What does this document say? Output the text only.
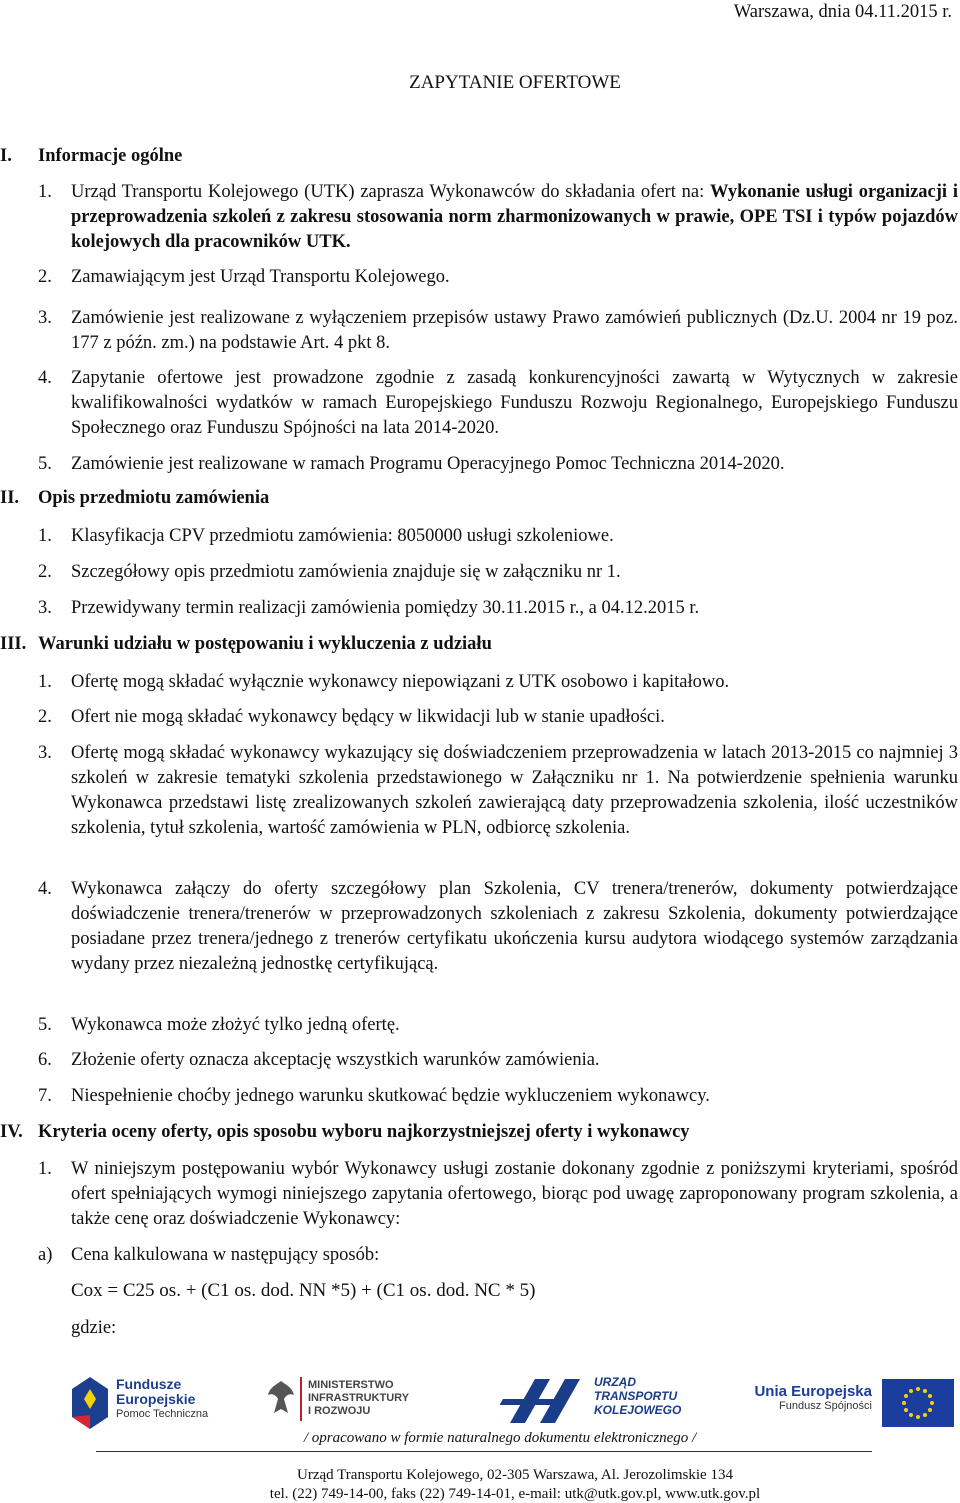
Warszawa, dnia 04.11.2015 r.
ZAPYTANIE OFERTOWE
I. Informacje ogólne
1. Urząd Transportu Kolejowego (UTK) zaprasza Wykonawców do składania ofert na: Wykonanie usługi organizacji i przeprowadzenia szkoleń z zakresu stosowania norm zharmonizowanych w prawie, OPE TSI i typów pojazdów kolejowych dla pracowników UTK.
2. Zamawiającym jest Urząd Transportu Kolejowego.
3. Zamówienie jest realizowane z wyłączeniem przepisów ustawy Prawo zamówień publicznych (Dz.U. 2004 nr 19 poz. 177 z późn. zm.) na podstawie Art. 4 pkt 8.
4. Zapytanie ofertowe jest prowadzone zgodnie z zasadą konkurencyjności zawartą w Wytycznych w zakresie kwalifikowalności wydatków w ramach Europejskiego Funduszu Rozwoju Regionalnego, Europejskiego Funduszu Społecznego oraz Funduszu Spójności na lata 2014-2020.
5. Zamówienie jest realizowane w ramach Programu Operacyjnego Pomoc Techniczna 2014-2020.
II. Opis przedmiotu zamówienia
1. Klasyfikacja CPV przedmiotu zamówienia: 8050000 usługi szkoleniowe.
2. Szczegółowy opis przedmiotu zamówienia znajduje się w załączniku nr 1.
3. Przewidywany termin realizacji zamówienia pomiędzy 30.11.2015 r., a 04.12.2015 r.
III. Warunki udziału w postępowaniu i wykluczenia z udziału
1. Ofertę mogą składać wyłącznie wykonawcy niepowiązani z UTK osobowo i kapitałowo.
2. Ofert nie mogą składać wykonawcy będący w likwidacji lub w stanie upadłości.
3. Ofertę mogą składać wykonawcy wykazujący się doświadczeniem przeprowadzenia w latach 2013-2015 co najmniej 3 szkoleń w zakresie tematyki szkolenia przedstawionego w Załączniku nr 1. Na potwierdzenie spełnienia warunku Wykonawca przedstawi listę zrealizowanych szkoleń zawierającą daty przeprowadzenia szkolenia, ilość uczestników szkolenia, tytuł szkolenia, wartość zamówienia w PLN, odbiorcę szkolenia.
4. Wykonawca załączy do oferty szczegółowy plan Szkolenia, CV trenera/trenerów, dokumenty potwierdzające doświadczenie trenera/trenerów w przeprowadzonych szkoleniach z zakresu Szkolenia, dokumenty potwierdzające posiadane przez trenera/jednego z trenerów certyfikatu ukończenia kursu audytora wiodącego systemów zarządzania wydany przez niezależną jednostkę certyfikującą.
5. Wykonawca może złożyć tylko jedną ofertę.
6. Złożenie oferty oznacza akceptację wszystkich warunków zamówienia.
7. Niespełnienie choćby jednego warunku skutkować będzie wykluczeniem wykonawcy.
IV. Kryteria oceny oferty, opis sposobu wyboru najkorzystniejszej oferty i wykonawcy
1. W niniejszym postępowaniu wybór Wykonawcy usługi zostanie dokonany zgodnie z poniższymi kryteriami, spośród ofert spełniających wymogi niniejszego zapytania ofertowego, biorąc pod uwagę zaproponowany program szkolenia, a także cenę oraz doświadczenie Wykonawcy:
a) Cena kalkulowana w następujący sposób:
Cox = C25 os. + (C1 os. dod. NN *5) + (C1 os. dod. NC * 5)
gdzie:
Fundusze
Europejskie
Pomoc Techniczna
MINISTERSTWO
INFRASTRUKTURY
I ROZWOJU
URZĄD
TRANSPORTU
KOLEJOWEGO
Unia Europejska
Fundusz Spójności
/ opracowano w formie naturalnego dokumentu elektronicznego /
Urząd Transportu Kolejowego, 02-305 Warszawa, Al. Jerozolimskie 134
tel. (22) 749-14-00, faks (22) 749-14-01, e-mail: utk@utk.gov.pl, www.utk.gov.pl
